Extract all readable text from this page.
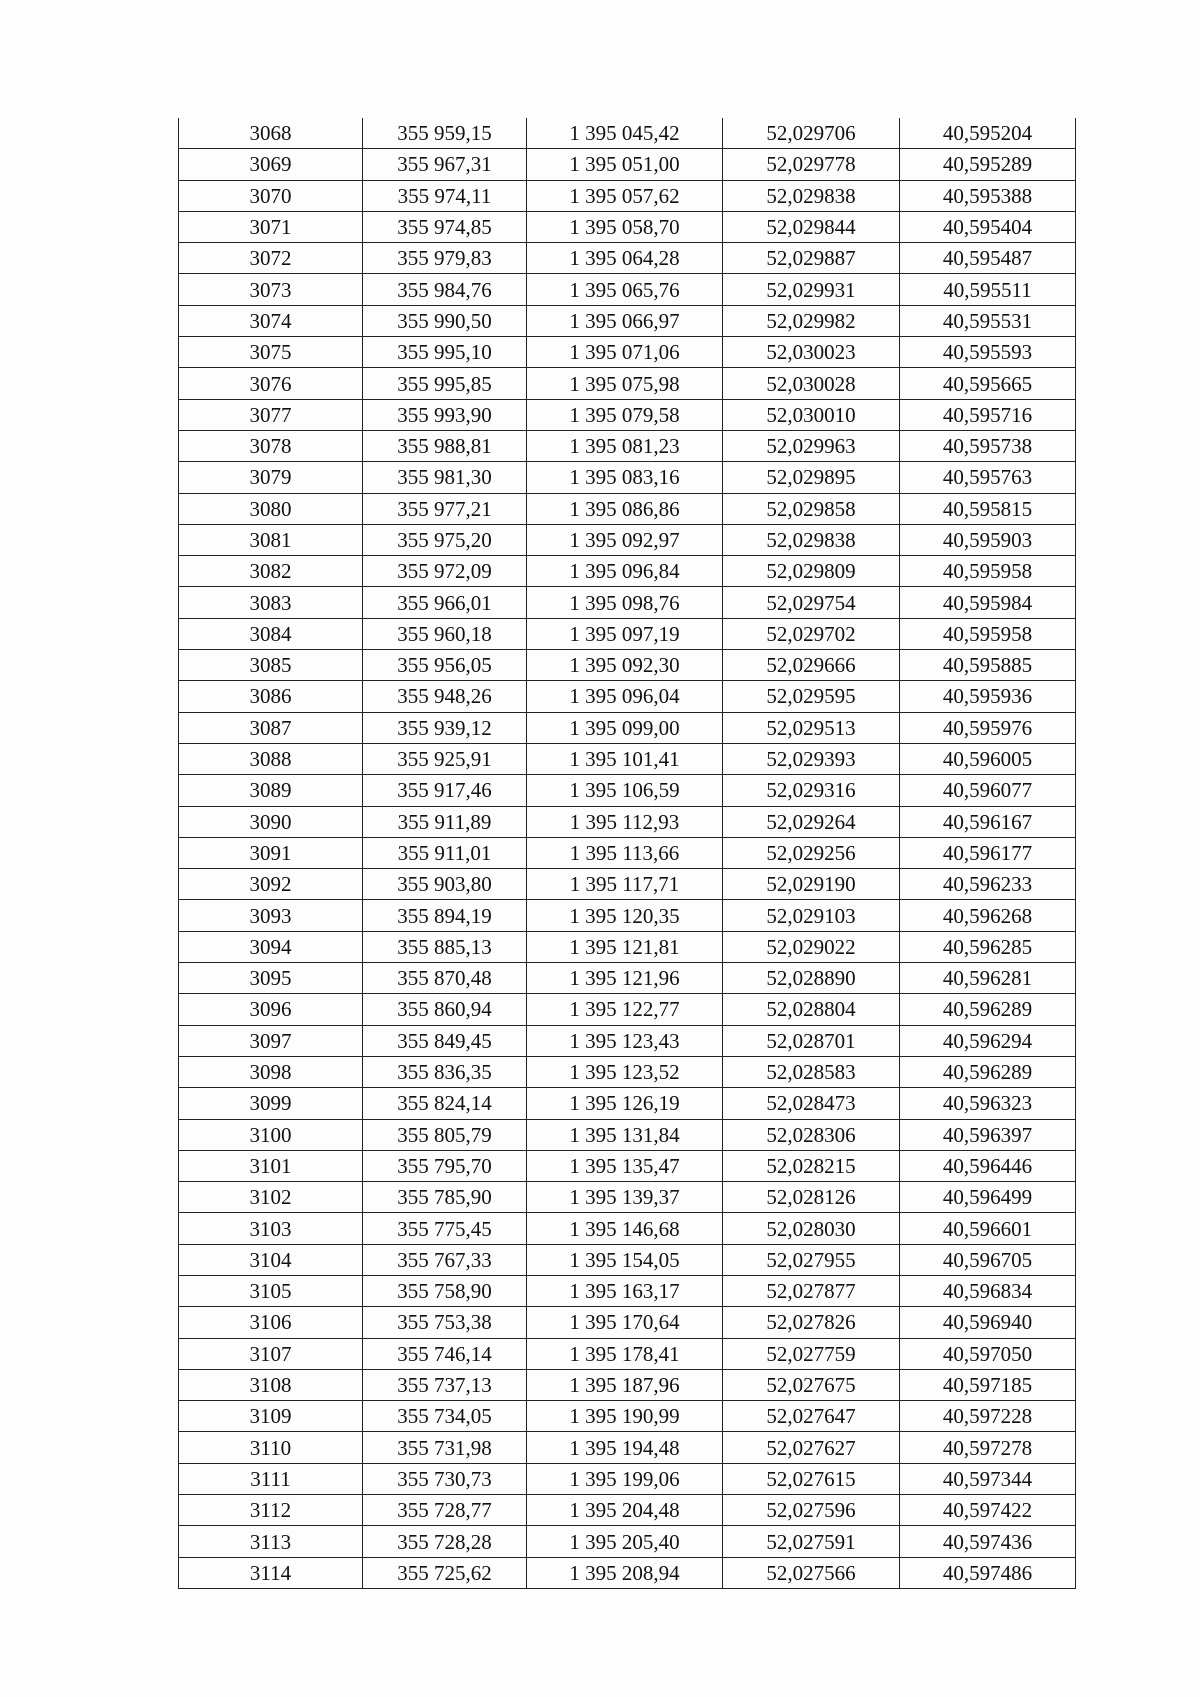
3068	355 959,15	1 395 045,42	52,029706	40,595204
3069	355 967,31	1 395 051,00	52,029778	40,595289
3070	355 974,11	1 395 057,62	52,029838	40,595388
3071	355 974,85	1 395 058,70	52,029844	40,595404
3072	355 979,83	1 395 064,28	52,029887	40,595487
3073	355 984,76	1 395 065,76	52,029931	40,595511
3074	355 990,50	1 395 066,97	52,029982	40,595531
3075	355 995,10	1 395 071,06	52,030023	40,595593
3076	355 995,85	1 395 075,98	52,030028	40,595665
3077	355 993,90	1 395 079,58	52,030010	40,595716
3078	355 988,81	1 395 081,23	52,029963	40,595738
3079	355 981,30	1 395 083,16	52,029895	40,595763
3080	355 977,21	1 395 086,86	52,029858	40,595815
3081	355 975,20	1 395 092,97	52,029838	40,595903
3082	355 972,09	1 395 096,84	52,029809	40,595958
3083	355 966,01	1 395 098,76	52,029754	40,595984
3084	355 960,18	1 395 097,19	52,029702	40,595958
3085	355 956,05	1 395 092,30	52,029666	40,595885
3086	355 948,26	1 395 096,04	52,029595	40,595936
3087	355 939,12	1 395 099,00	52,029513	40,595976
3088	355 925,91	1 395 101,41	52,029393	40,596005
3089	355 917,46	1 395 106,59	52,029316	40,596077
3090	355 911,89	1 395 112,93	52,029264	40,596167
3091	355 911,01	1 395 113,66	52,029256	40,596177
3092	355 903,80	1 395 117,71	52,029190	40,596233
3093	355 894,19	1 395 120,35	52,029103	40,596268
3094	355 885,13	1 395 121,81	52,029022	40,596285
3095	355 870,48	1 395 121,96	52,028890	40,596281
3096	355 860,94	1 395 122,77	52,028804	40,596289
3097	355 849,45	1 395 123,43	52,028701	40,596294
3098	355 836,35	1 395 123,52	52,028583	40,596289
3099	355 824,14	1 395 126,19	52,028473	40,596323
3100	355 805,79	1 395 131,84	52,028306	40,596397
3101	355 795,70	1 395 135,47	52,028215	40,596446
3102	355 785,90	1 395 139,37	52,028126	40,596499
3103	355 775,45	1 395 146,68	52,028030	40,596601
3104	355 767,33	1 395 154,05	52,027955	40,596705
3105	355 758,90	1 395 163,17	52,027877	40,596834
3106	355 753,38	1 395 170,64	52,027826	40,596940
3107	355 746,14	1 395 178,41	52,027759	40,597050
3108	355 737,13	1 395 187,96	52,027675	40,597185
3109	355 734,05	1 395 190,99	52,027647	40,597228
3110	355 731,98	1 395 194,48	52,027627	40,597278
3111	355 730,73	1 395 199,06	52,027615	40,597344
3112	355 728,77	1 395 204,48	52,027596	40,597422
3113	355 728,28	1 395 205,40	52,027591	40,597436
3114	355 725,62	1 395 208,94	52,027566	40,597486
